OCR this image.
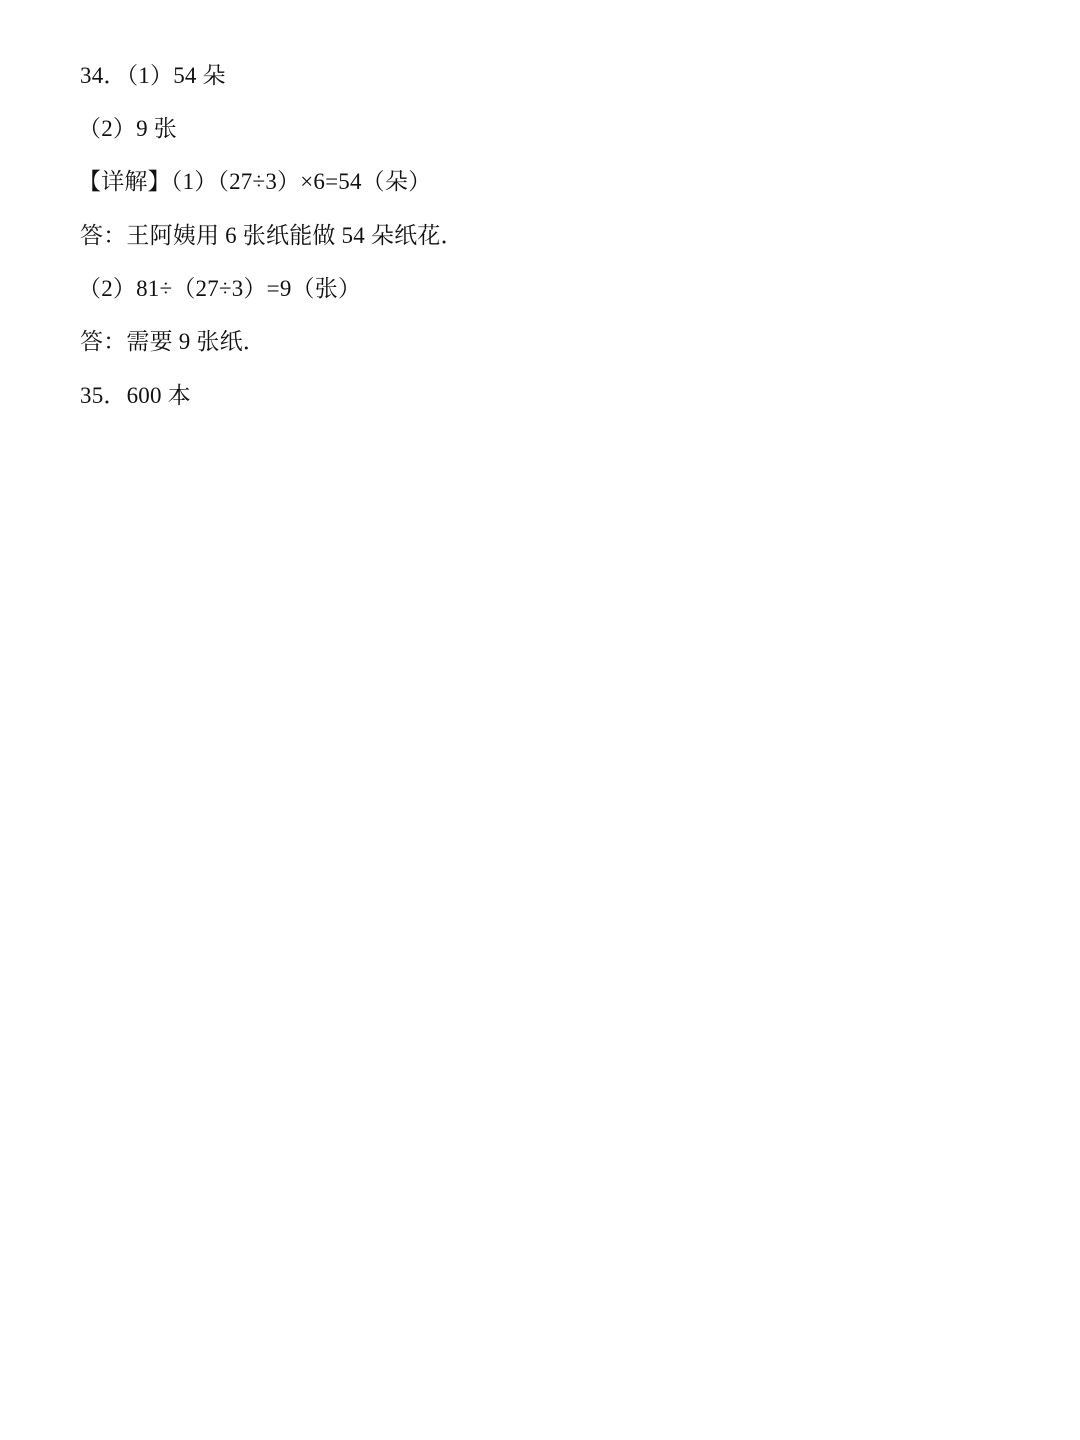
34．（1）54 朵
（2）9 张
【详解】（1）（27÷3）×6=54（朵）
答：王阿姨用 6 张纸能做 54 朵纸花．
（2）81÷（27÷3）=9（张）
答：需要 9 张纸．
35．600 本
